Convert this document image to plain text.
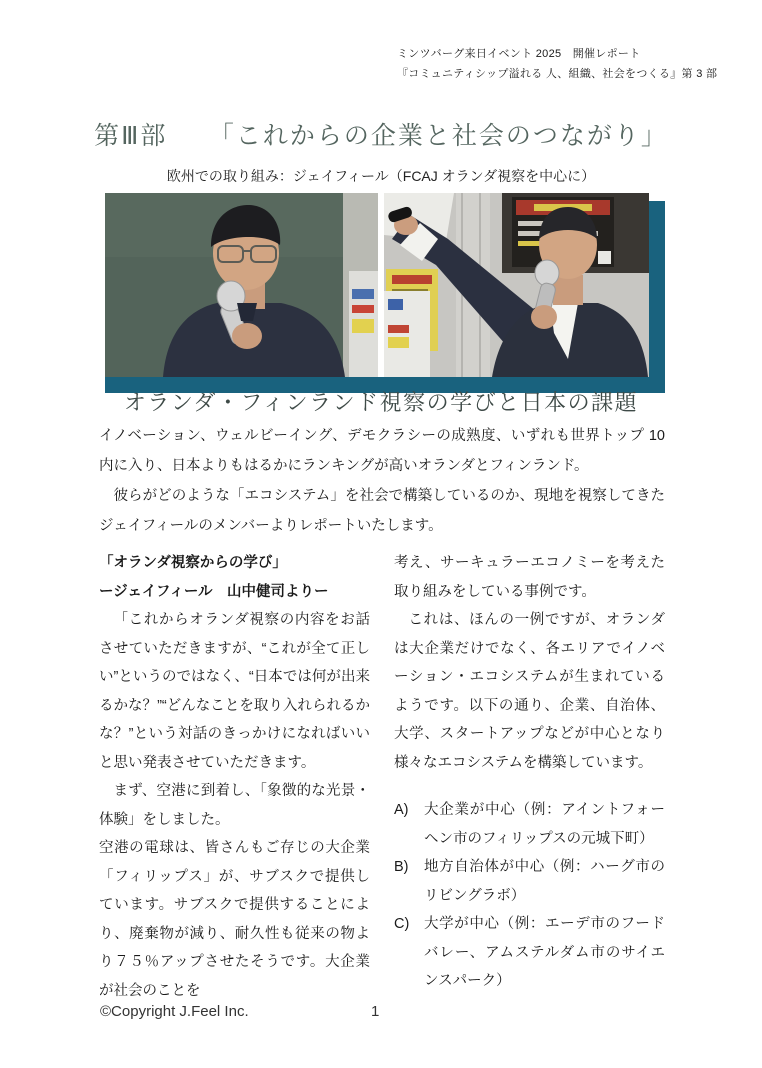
ミンツバーグ来日イベント 2025　開催レポート
『コミュニティシップ溢れる 人、組織、社会をつくる』第 3 部
第Ⅲ部　　「これからの企業と社会のつながり」
欧州での取り組み：ジェイフィール（FCAJ オランダ視察を中心に）
オランダ・フィンランド視察の学びと日本の課題

イノベーション、ウェルビーイング、デモクラシーの成熟度、いずれも世界トップ 10 内に入り、日本よりもはるかにランキングが高いオランダとフィンランド。

彼らがどのような「エコシステム」を社会で構築しているのか、現地を視察してきたジェイフィールのメンバーよりレポートいたします。

「オランダ視察からの学び」

ージェイフィール　山中健司よりー

「これからオランダ視察の内容をお話させていただきますが、“これが全て正しい”というのではなく、“日本では何が出来るかな？”“どんなことを取り入れられるかな？”という対話のきっかけになればいいと思い発表させていただきます。

まず、空港に到着し、「象徴的な光景・体験」をしました。

空港の電球は、皆さんもご存じの大企業「フィリップス」が、サブスクで提供しています。サブスクで提供することにより、廃棄物が減り、耐久性も従来の物より７５％アップさせたそうです。大企業が社会のことを

考え、サーキュラーエコノミーを考えた取り組みをしている事例です。

これは、ほんの一例ですが、オランダは大企業だけでなく、各エリアでイノベーション・エコシステムが生まれているようです。以下の通り、企業、自治体、大学、スタートアップなどが中心となり様々なエコシステムを構築しています。

A)	大企業が中心（例：アイントフォーヘン市のフィリップスの元城下町）
B)	地方自治体が中心（例：ハーグ市のリビングラボ）
C)	大学が中心（例：エーデ市のフードバレー、アムステルダム市のサイエンスパーク）
©Copyright J.Feel Inc.	1
